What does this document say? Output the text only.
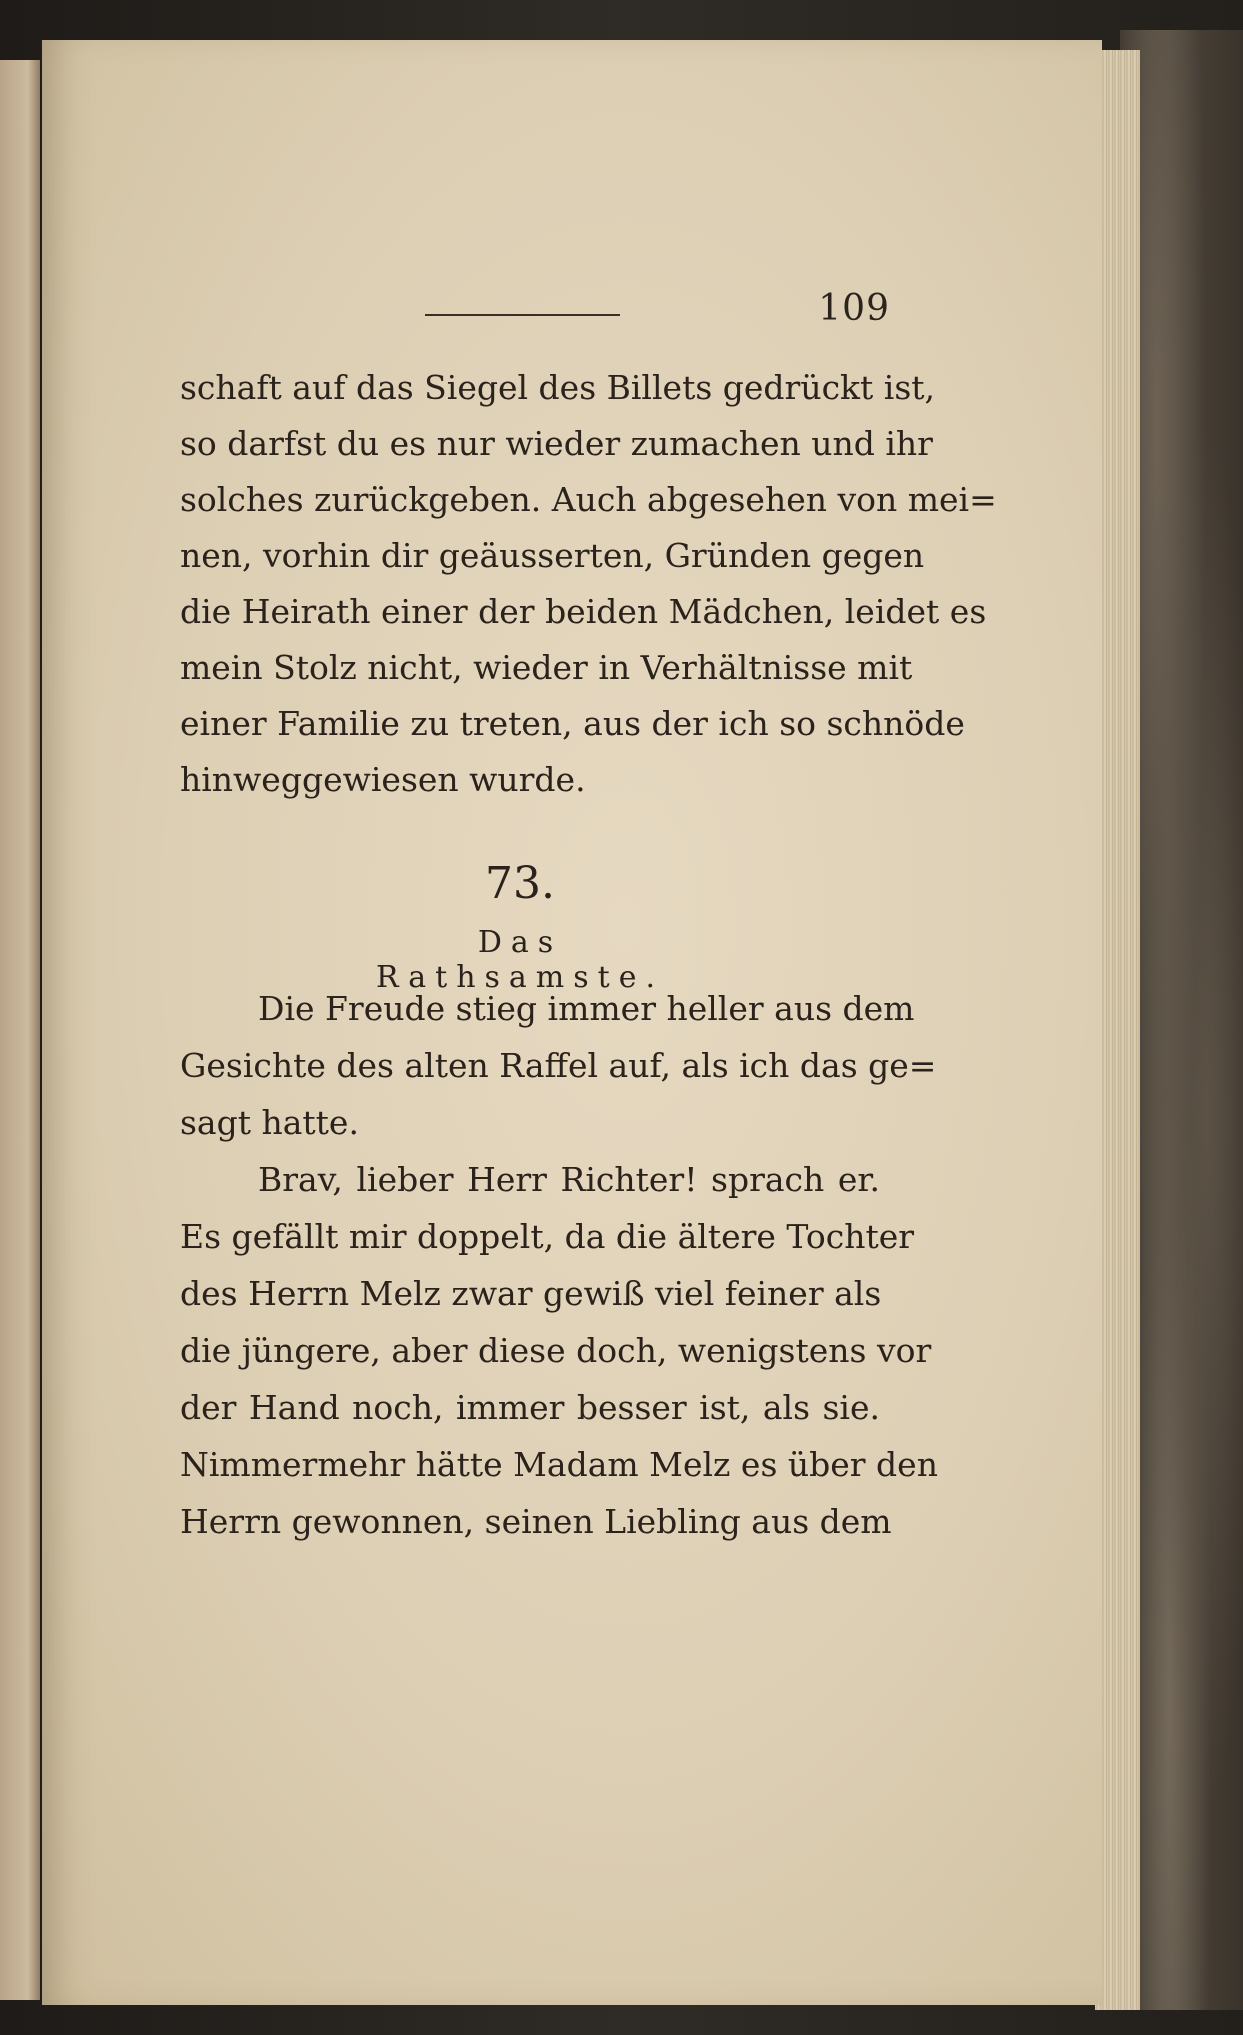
109
schaft auf das Siegel des Billets gedrückt ist,
so darfst du es nur wieder zumachen und ihr
solches zurückgeben. Auch abgesehen von mei=
nen, vorhin dir geäusserten, Gründen gegen
die Heirath einer der beiden Mädchen, leidet es
mein Stolz nicht, wieder in Verhältnisse mit
einer Familie zu treten, aus der ich so schnöde
hinweggewiesen wurde.
73.
Das Rathsamste.
Die Freude stieg immer heller aus dem
Gesichte des alten Raffel auf, als ich das ge=
sagt hatte.
Brav, lieber Herr Richter! sprach er.
Es gefällt mir doppelt, da die ältere Tochter
des Herrn Melz zwar gewiß viel feiner als
die jüngere, aber diese doch, wenigstens vor
der Hand noch, immer besser ist, als sie.
Nimmermehr hätte Madam Melz es über den
Herrn gewonnen, seinen Liebling aus dem
